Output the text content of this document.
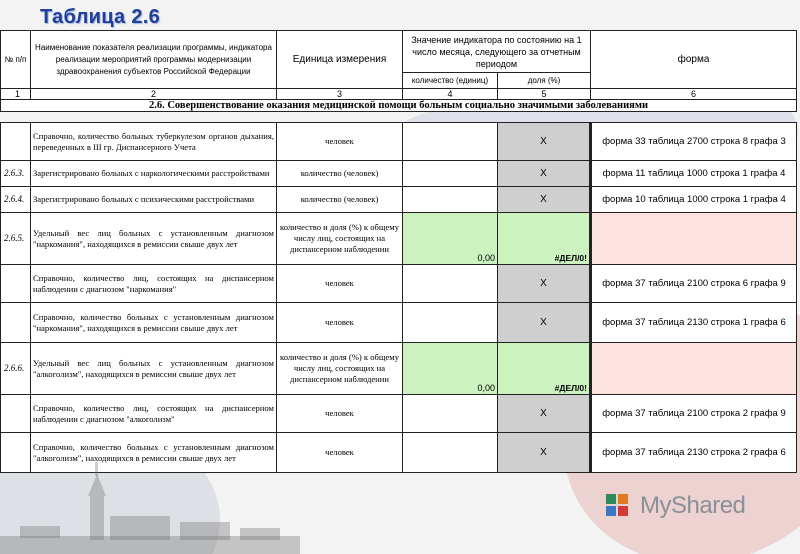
Таблица 2.6
№ п/п	Наименование показателя реализации программы, индикатора реализации мероприятий программы модернизации здравоохранения субъектов Российской Федерации	Единица измерения	Значение индикатора по состоянию на 1 число месяца, следующего за отчетным периодом		форма
			количество (единиц)	доля (%)	
1	2	3	4	5	6
2.6. Совершенствование оказания медицинской помощи больным социально значимыми заболеваниями					
	Справочно, количество больных туберкулезом органов дыхания, переведенных в III гр. Диспансерного Учета	человек		Х	форма 33 таблица 2700 строка 8 графа 3
2.6.3.	Зарегистрировано больных с наркологическими расстройствами	количество (человек)		Х	форма 11 таблица 1000 строка 1 графа 4
2.6.4.	Зарегистрировано больных с психическими расстройствами	количество (человек)		Х	форма 10 таблица 1000 строка 1 графа 4
2.6.5.	Удельный вес лиц больных с установленным диагнозом "наркомания", находящихся в ремиссии свыше двух лет	количество и доля (%) к общему числу лиц, состоящих на диспансерном наблюдении	0,00	#ДЕЛ/0!	
	Справочно, количество лиц, состоящих на диспансерном наблюдении с диагнозом "наркомания"	человек		Х	форма 37 таблица 2100 строка 6 графа 9
	Справочно, количество больных с установленным диагнозом "наркомания", находящихся в ремиссии свыше двух лет	человек		Х	форма 37 таблица 2130 строка 1 графа 6
2.6.6.	Удельный вес лиц больных с установленным диагнозом "алкоголизм", находящихся в ремиссии свыше двух лет	количество и доля (%) к общему числу лиц, состоящих на диспансерном наблюдении	0,00	#ДЕЛ/0!	
	Справочно, количество лиц, состоящих на диспансерном наблюдении с диагнозом "алкоголизм"	человек		Х	форма 37 таблица 2100 строка 2 графа 9
	Справочно, количество больных с установленным диагнозом "алкоголизм", находящихся в ремиссии свыше двух лет	человек		Х	форма 37 таблица 2130 строка 2 графа 6
MyShared
